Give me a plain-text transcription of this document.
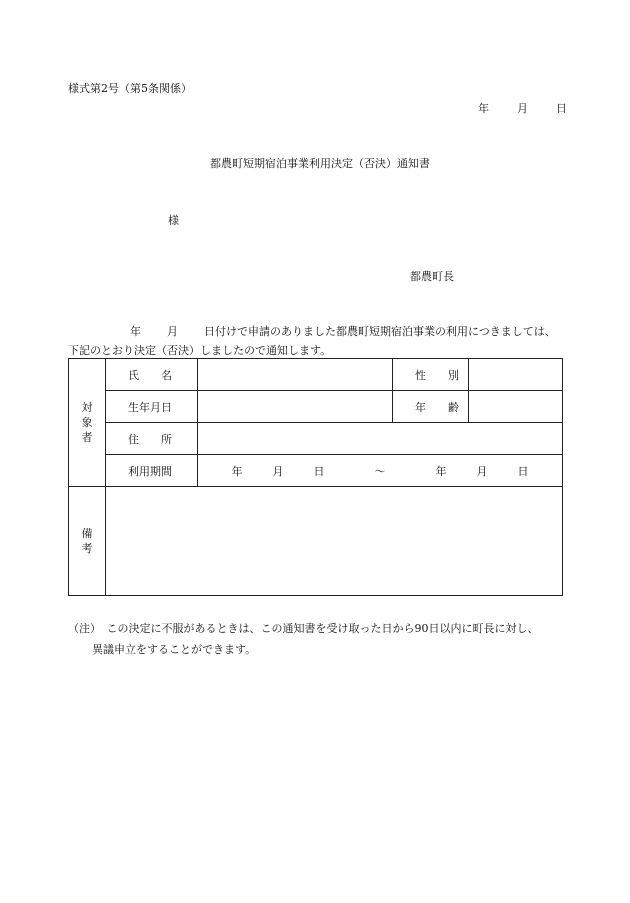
様式第2号（第5条関係）
年	月	日
都農町短期宿泊事業利用決定（否決）通知書
様
都農町長
年 月 日付けで申請のありました都農町短期宿泊事業の利用につきましては、下記のとおり決定（否決）しましたので通知します。
対
象
者	氏　　名		性　　別	
	生年月日		年　　齢	
	住　　所			
	利用期間	年 月 日 ～ 年 月 日		

備
考				

（注）　この決定に不服があるときは、この通知書を受け取った日から90日以内に町長に対し、
異議申立をすることができます。
